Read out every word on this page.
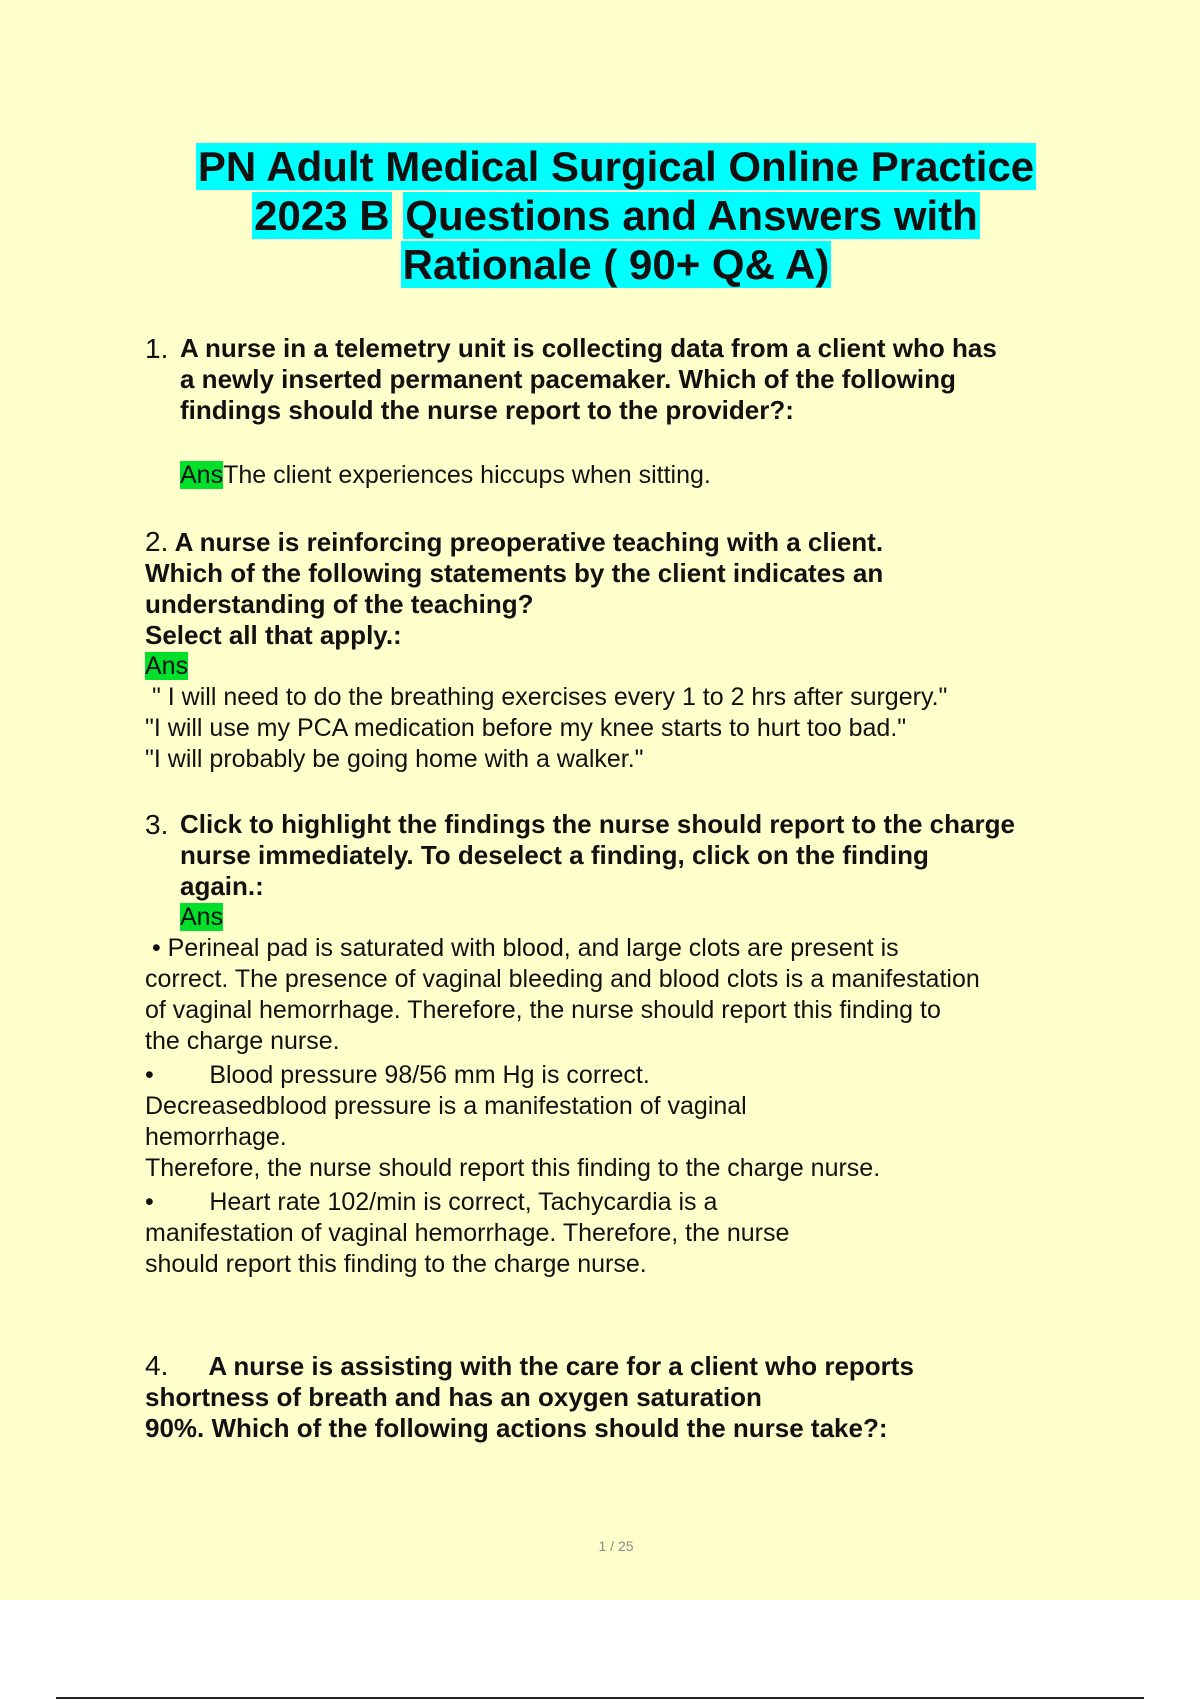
PN Adult Medical Surgical Online Practice
2023 B Questions and Answers with
Rationale ( 90+ Q& A)
1. A nurse in a telemetry unit is collecting data from a client who has
a newly inserted permanent pacemaker. Which of the following
findings should the nurse report to the provider?:
AnsThe client experiences hiccups when sitting.
2. A nurse is reinforcing preoperative teaching with a client.
Which of the following statements by the client indicates an
understanding of the teaching?
Select all that apply.:
Ans
" I will need to do the breathing exercises every 1 to 2 hrs after surgery."
"I will use my PCA medication before my knee starts to hurt too bad."
"I will probably be going home with a walker."
3. Click to highlight the findings the nurse should report to the charge
nurse immediately. To deselect a finding, click on the finding
again.:
Ans
• Perineal pad is saturated with blood, and large clots are present is
correct. The presence of vaginal bleeding and blood clots is a manifestation
of vaginal hemorrhage. Therefore, the nurse should report this finding to
the charge nurse.
•        Blood pressure 98/56 mm Hg is correct.
Decreasedblood pressure is a manifestation of vaginal
hemorrhage.
Therefore, the nurse should report this finding to the charge nurse.
•        Heart rate 102/min is correct, Tachycardia is a
manifestation of vaginal hemorrhage. Therefore, the nurse
should report this finding to the charge nurse.
4. A nurse is assisting with the care for a client who reports
shortness of breath and has an oxygen saturation
90%. Which of the following actions should the nurse take?:
1 / 25
